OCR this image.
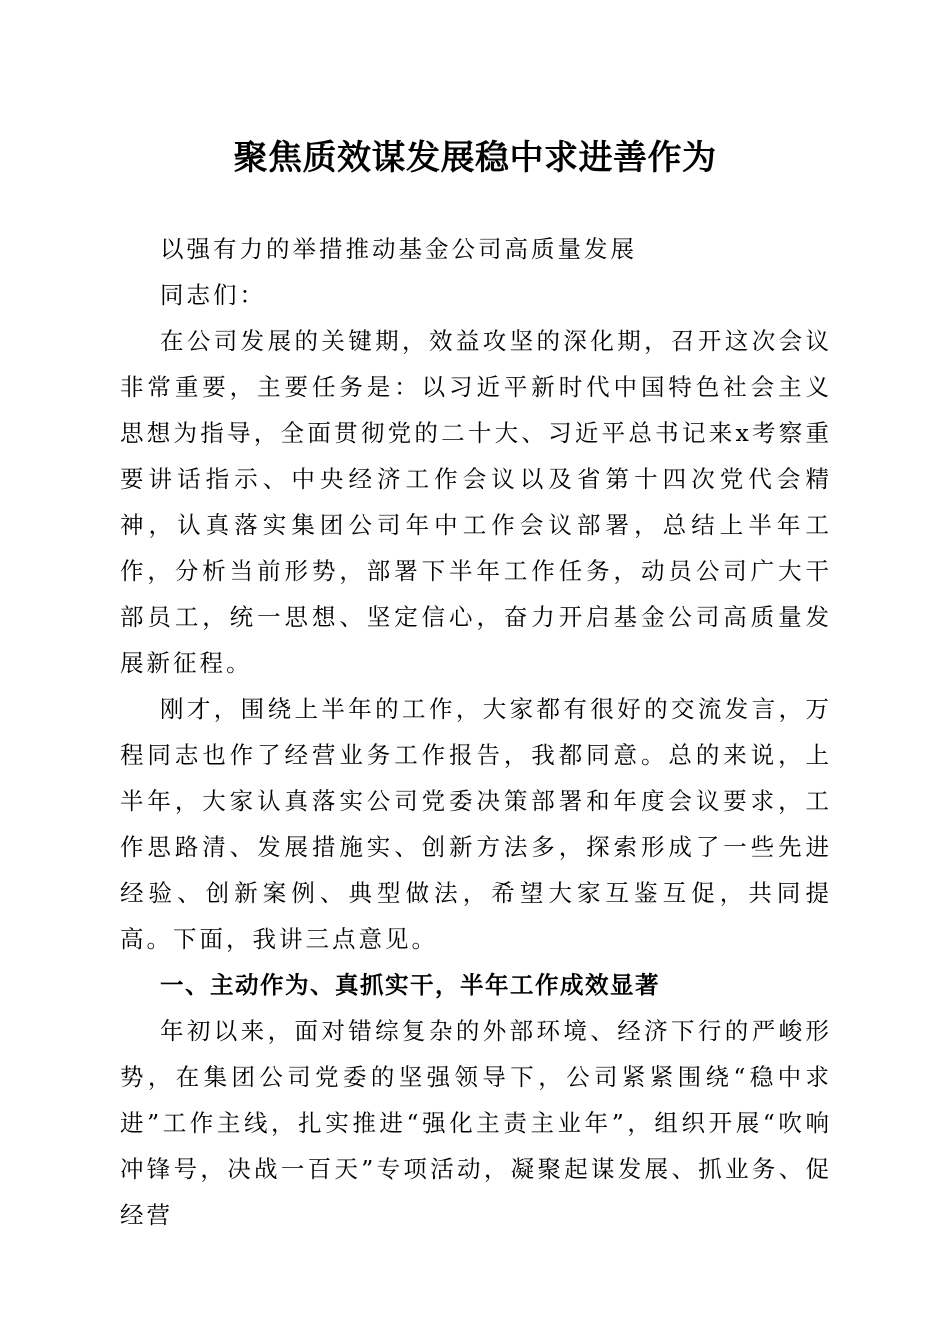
聚焦质效谋发展稳中求进善作为

以强有力的举措推动基金公司高质量发展

同志们：

在公司发展的关键期，效益攻坚的深化期，召开这次会议非常重要，主要任务是：以习近平新时代中国特色社会主义思想为指导，全面贯彻党的二十大、习近平总书记来x考察重要讲话指示、中央经济工作会议以及省第十四次党代会精神，认真落实集团公司年中工作会议部署，总结上半年工作，分析当前形势，部署下半年工作任务，动员公司广大干部员工，统一思想、坚定信心，奋力开启基金公司高质量发展新征程。

刚才，围绕上半年的工作，大家都有很好的交流发言，万程同志也作了经营业务工作报告，我都同意。总的来说，上半年，大家认真落实公司党委决策部署和年度会议要求，工作思路清、发展措施实、创新方法多，探索形成了一些先进经验、创新案例、典型做法，希望大家互鉴互促，共同提高。下面，我讲三点意见。

一、主动作为、真抓实干，半年工作成效显著

年初以来，面对错综复杂的外部环境、经济下行的严峻形势，在集团公司党委的坚强领导下，公司紧紧围绕“稳中求进”工作主线，扎实推进“强化主责主业年”，组织开展“吹响冲锋号，决战一百天”专项活动，凝聚起谋发展、抓业务、促经营
